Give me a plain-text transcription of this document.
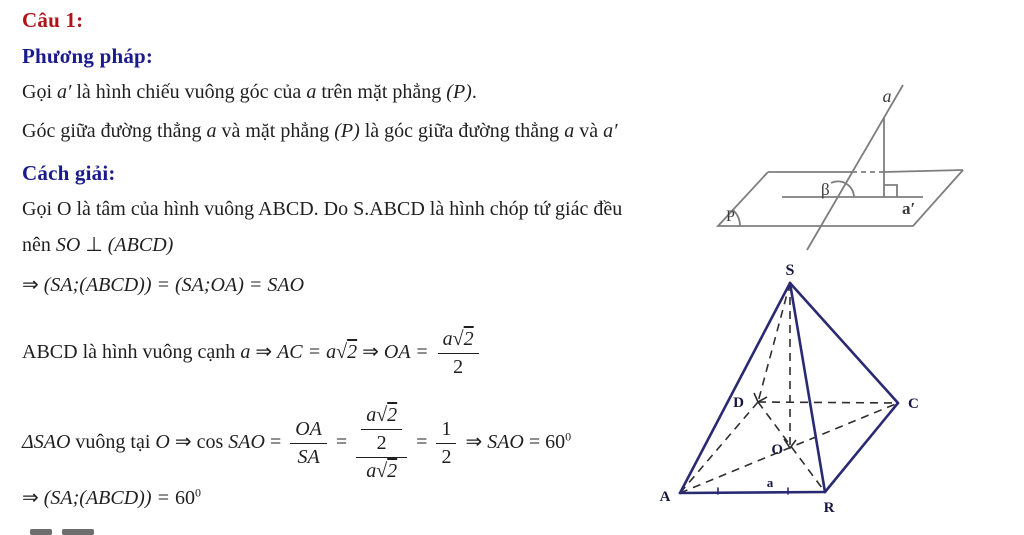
Câu 1:
Phương pháp:
Gọi a′ là hình chiếu vuông góc của a trên mặt phẳng (P).
Góc giữa đường thẳng a và mặt phẳng (P) là góc giữa đường thẳng a và a′
Cách giải:
Gọi O là tâm của hình vuông ABCD. Do S.ABCD là hình chóp tứ giác đều
nên SO ⊥ (ABCD)
⇒ (SA;(ABCD)) = (SA;OA) = SAO
ABCD là hình vuông cạnh a ⇒ AC = a√2 ⇒ OA = $\frac{a√2}{2}$
ΔSAO vuông tại O ⇒ cos SAO = $\frac{OA}{SA} = \frac{\frac{a√2}{2}}{a√2} = \frac{1}{2}$ ⇒ SAO = $60^0$
⇒ (SA;(ABCD)) = $60^0$
a
a′
β
P
S
A
R
C
D
O
a
